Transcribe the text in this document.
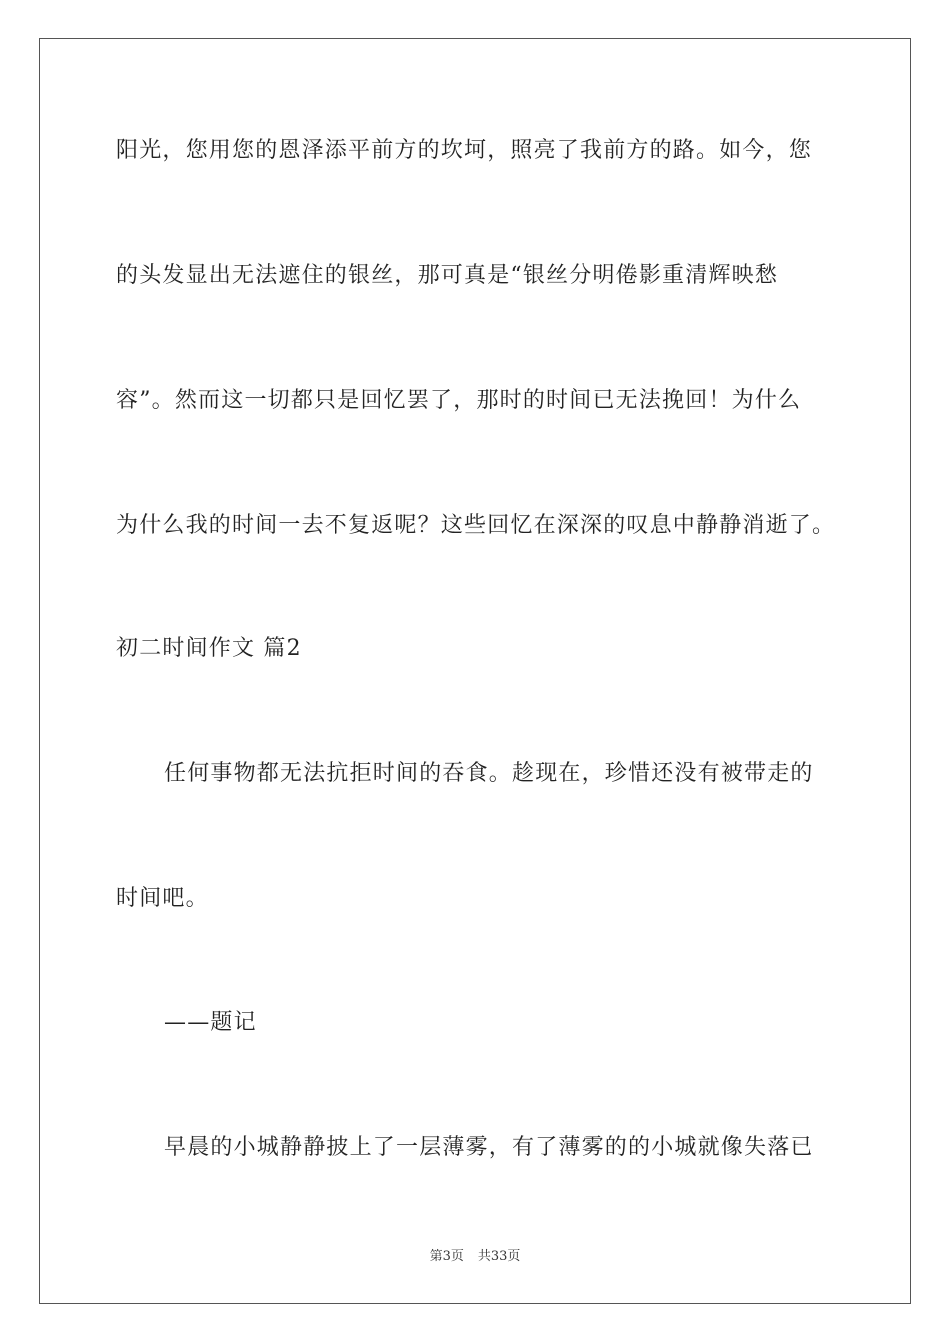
阳光，您用您的恩泽添平前方的坎坷，照亮了我前方的路。如今，您
的头发显出无法遮住的银丝，那可真是“银丝分明倦影重清辉映愁
容”。然而这一切都只是回忆罢了，那时的时间已无法挽回！为什么
为什么我的时间一去不复返呢？这些回忆在深深的叹息中静静消逝了。
初二时间作文 篇2
任何事物都无法抗拒时间的吞食。趁现在，珍惜还没有被带走的
时间吧。
——题记
早晨的小城静静披上了一层薄雾，有了薄雾的的小城就像失落已
第3页 共33页
